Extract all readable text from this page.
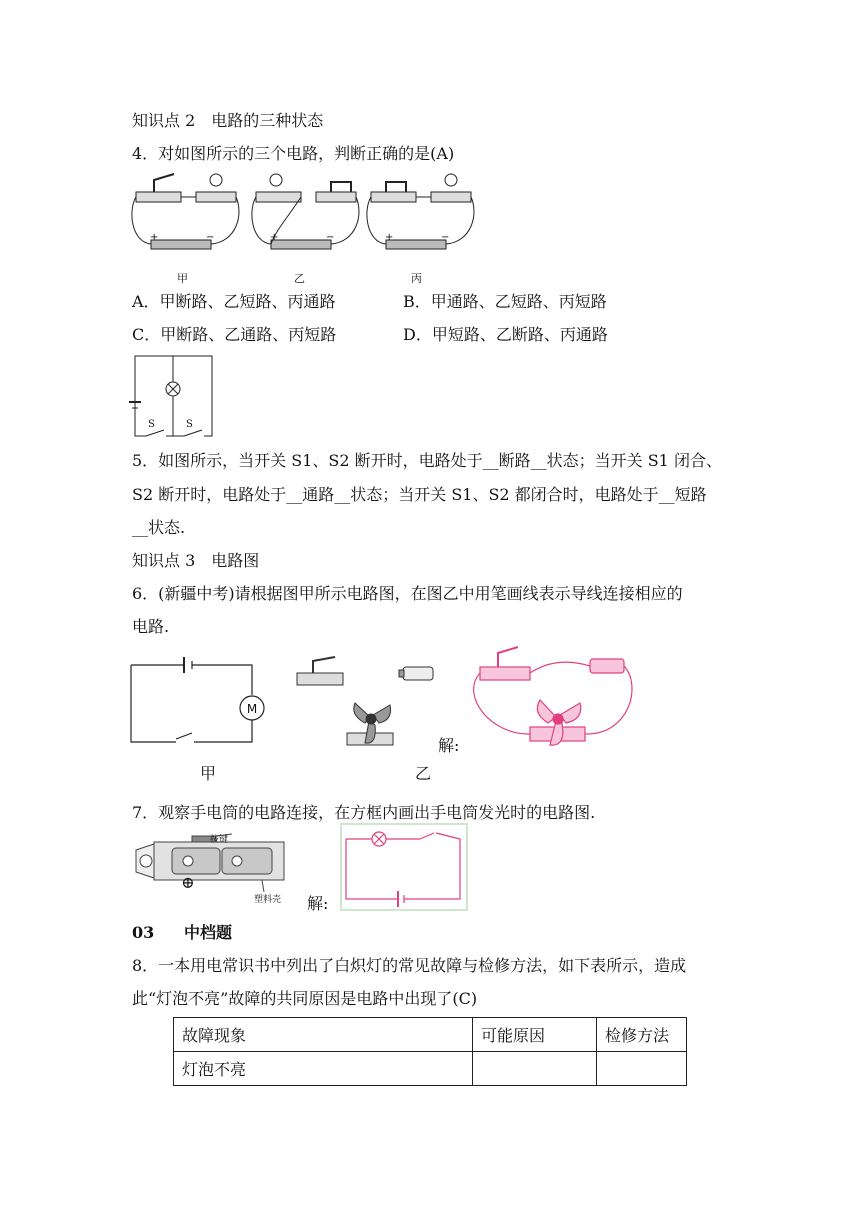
知识点 2　电路的三种状态
4．对如图所示的三个电路，判断正确的是(A)
+	−	+	−	+	−
甲	乙	丙
A．甲断路、乙短路、丙通路	B．甲通路、乙短路、丙短路
C．甲断路、乙通路、丙短路	D．甲短路、乙断路、丙通路
S	S
5．如图所示，当开关 S1、S2 断开时，电路处于__断路__状态；当开关 S1 闭合、
S2 断开时，电路处于__通路__状态；当开关 S1、S2 都闭合时，电路处于__短路
__状态.
知识点 3　电路图
6．(新疆中考)请根据图甲所示电路图，在图乙中用笔画线表示导线连接相应的
电路.
M
甲	乙
解:
7．观察手电筒的电路连接，在方框内画出手电筒发光时的电路图.
⊕
按键
塑料壳 解:
03 中档题
8．一本用电常识书中列出了白炽灯的常见故障与检修方法，如下表所示，造成
此“灯泡不亮”故障的共同原因是电路中出现了(C)
故障现象	可能原因	检修方法
灯泡不亮		
